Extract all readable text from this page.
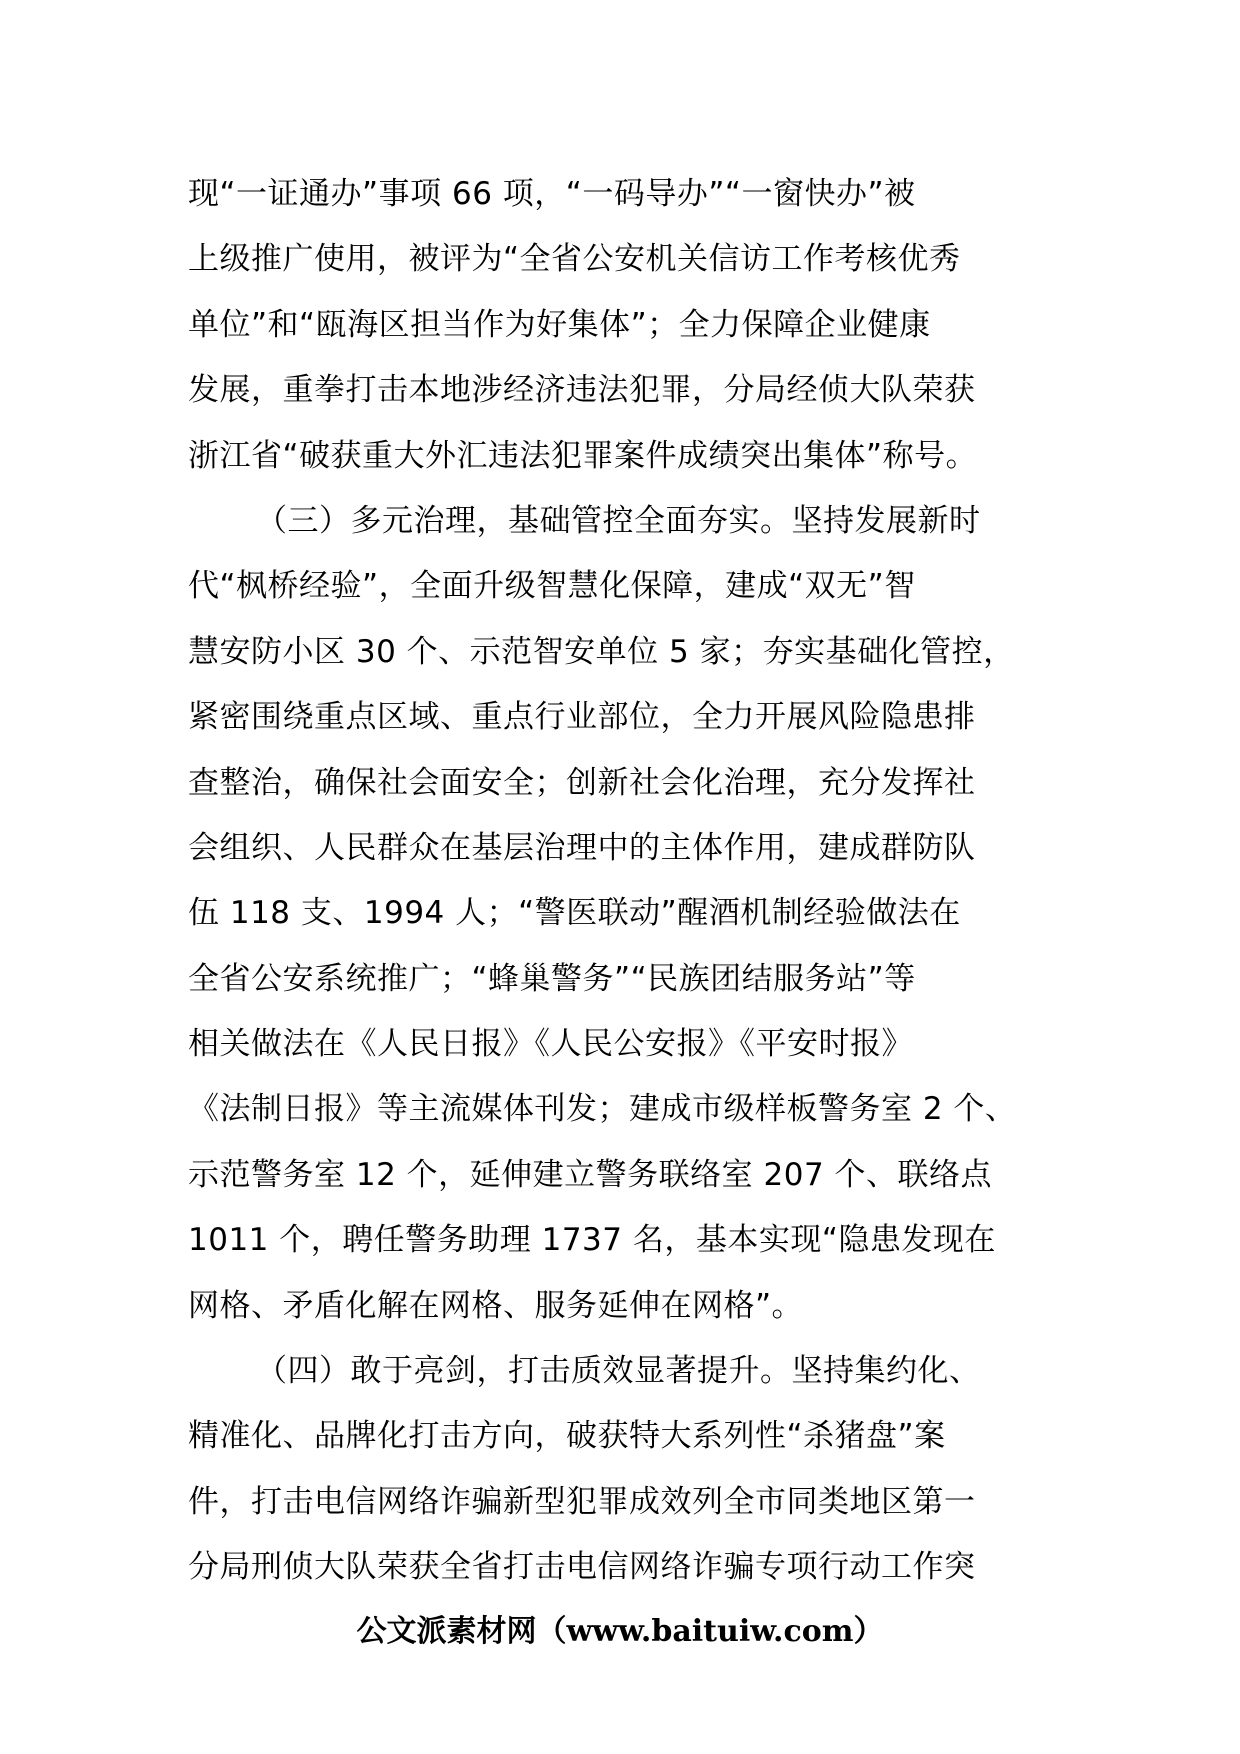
现“一证通办”事项 66 项，“一码导办”“一窗快办”被
上级推广使用，被评为“全省公安机关信访工作考核优秀
单位”和“瓯海区担当作为好集体”；全力保障企业健康
发展，重拳打击本地涉经济违法犯罪，分局经侦大队荣获
浙江省“破获重大外汇违法犯罪案件成绩突出集体”称号。
（三）多元治理，基础管控全面夯实。坚持发展新时
代“枫桥经验”，全面升级智慧化保障，建成“双无”智
慧安防小区 30 个、示范智安单位 5 家；夯实基础化管控，
紧密围绕重点区域、重点行业部位，全力开展风险隐患排
查整治，确保社会面安全；创新社会化治理，充分发挥社
会组织、人民群众在基层治理中的主体作用，建成群防队
伍 118 支、1994 人；“警医联动”醒酒机制经验做法在
全省公安系统推广；“蜂巢警务”“民族团结服务站”等
相关做法在《人民日报》《人民公安报》《平安时报》
《法制日报》等主流媒体刊发；建成市级样板警务室 2 个、
示范警务室 12 个，延伸建立警务联络室 207 个、联络点
1011 个，聘任警务助理 1737 名，基本实现“隐患发现在
网格、矛盾化解在网格、服务延伸在网格”。
（四）敢于亮剑，打击质效显著提升。坚持集约化、
精准化、品牌化打击方向，破获特大系列性“杀猪盘”案
件，打击电信网络诈骗新型犯罪成效列全市同类地区第一
分局刑侦大队荣获全省打击电信网络诈骗专项行动工作突
公文派素材网（www.baituiw.com）
